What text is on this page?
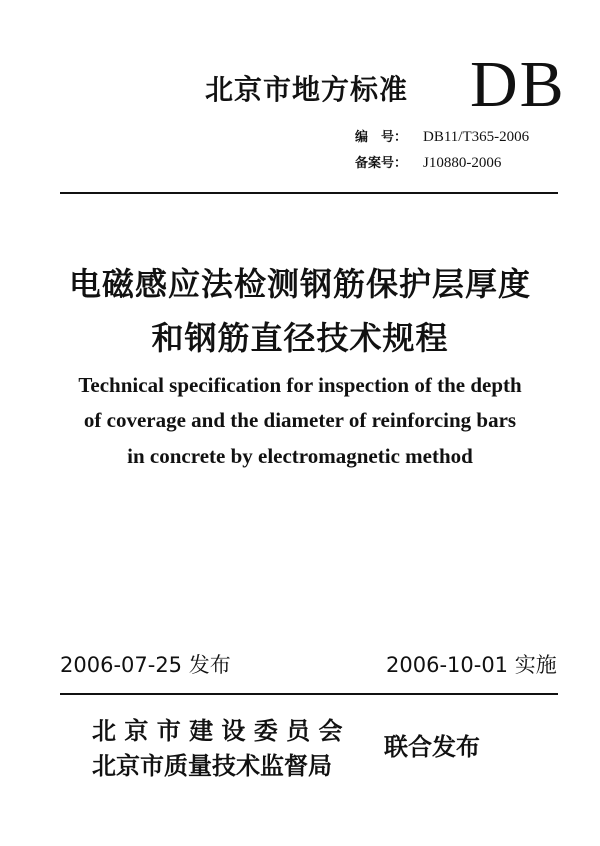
北京市地方标准 DB
编　号： DB11/T365-2006
备案号： J10880-2006
电磁感应法检测钢筋保护层厚度
和钢筋直径技术规程
Technical specification for inspection of the depth
of coverage and the diameter of reinforcing bars
in concrete by electromagnetic method
2006-07-25 发布	2006-10-01 实施
北 京 市 建 设 委 员 会
北京市质量技术监督局
联合发布
